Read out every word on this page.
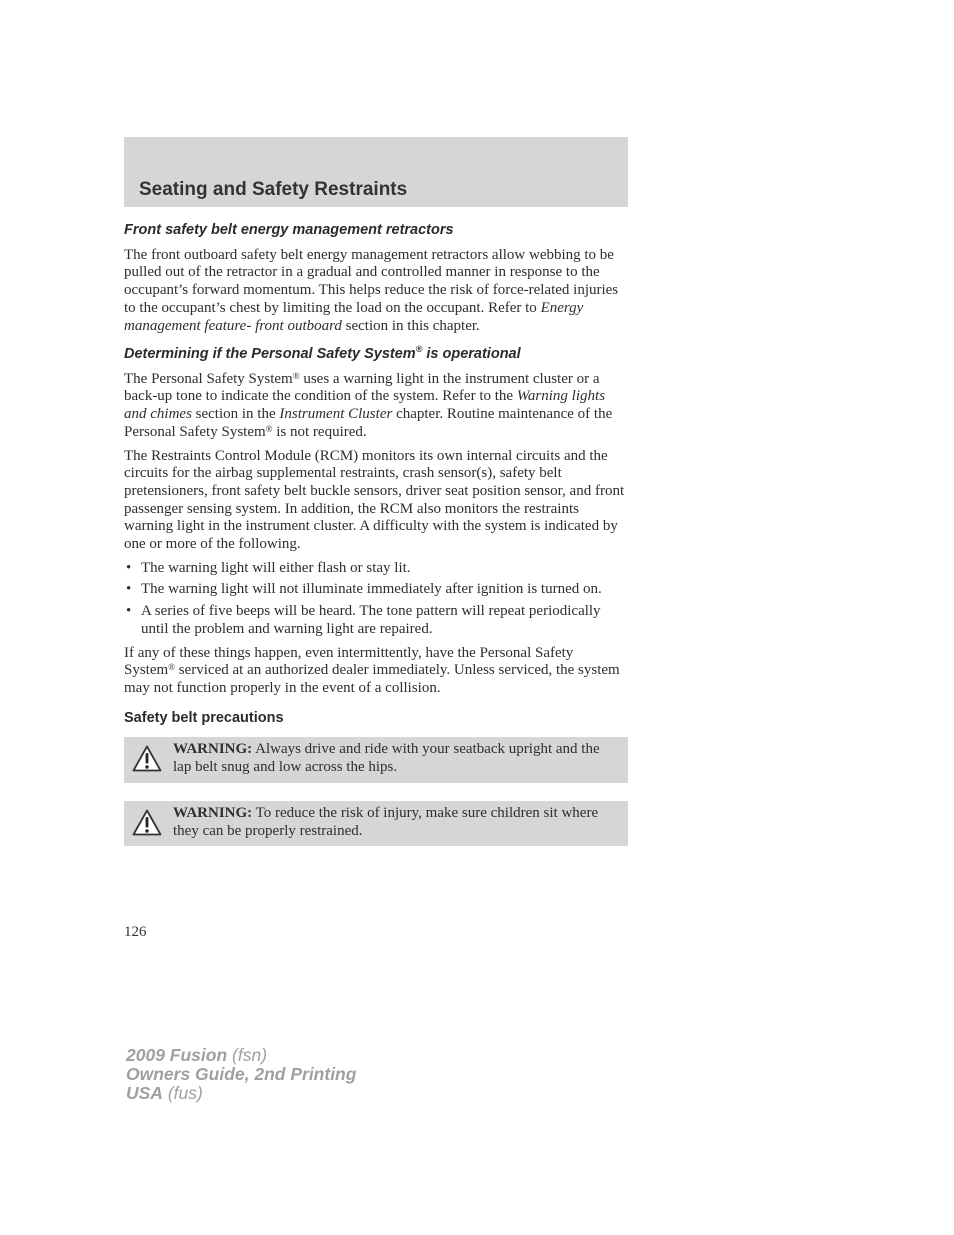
Seating and Safety Restraints
Front safety belt energy management retractors

The front outboard safety belt energy management retractors allow webbing to be pulled out of the retractor in a gradual and controlled manner in response to the occupant’s forward momentum. This helps reduce the risk of force-related injuries to the occupant’s chest by limiting the load on the occupant. Refer to Energy management feature- front outboard section in this chapter.

Determining if the Personal Safety System® is operational

The Personal Safety System® uses a warning light in the instrument cluster or a back-up tone to indicate the condition of the system. Refer to the Warning lights and chimes section in the Instrument Cluster chapter. Routine maintenance of the Personal Safety System® is not required.

The Restraints Control Module (RCM) monitors its own internal circuits and the circuits for the airbag supplemental restraints, crash sensor(s), safety belt pretensioners, front safety belt buckle sensors, driver seat position sensor, and front passenger sensing system. In addition, the RCM also monitors the restraints warning light in the instrument cluster. A difficulty with the system is indicated by one or more of the following.

• The warning light will either flash or stay lit.
• The warning light will not illuminate immediately after ignition is turned on.
• A series of five beeps will be heard. The tone pattern will repeat periodically until the problem and warning light are repaired.

If any of these things happen, even intermittently, have the Personal Safety System® serviced at an authorized dealer immediately. Unless serviced, the system may not function properly in the event of a collision.

Safety belt precautions
WARNING: Always drive and ride with your seatback upright and the lap belt snug and low across the hips.
WARNING: To reduce the risk of injury, make sure children sit where they can be properly restrained.
126
2009 Fusion (fsn)
Owners Guide, 2nd Printing
USA (fus)
